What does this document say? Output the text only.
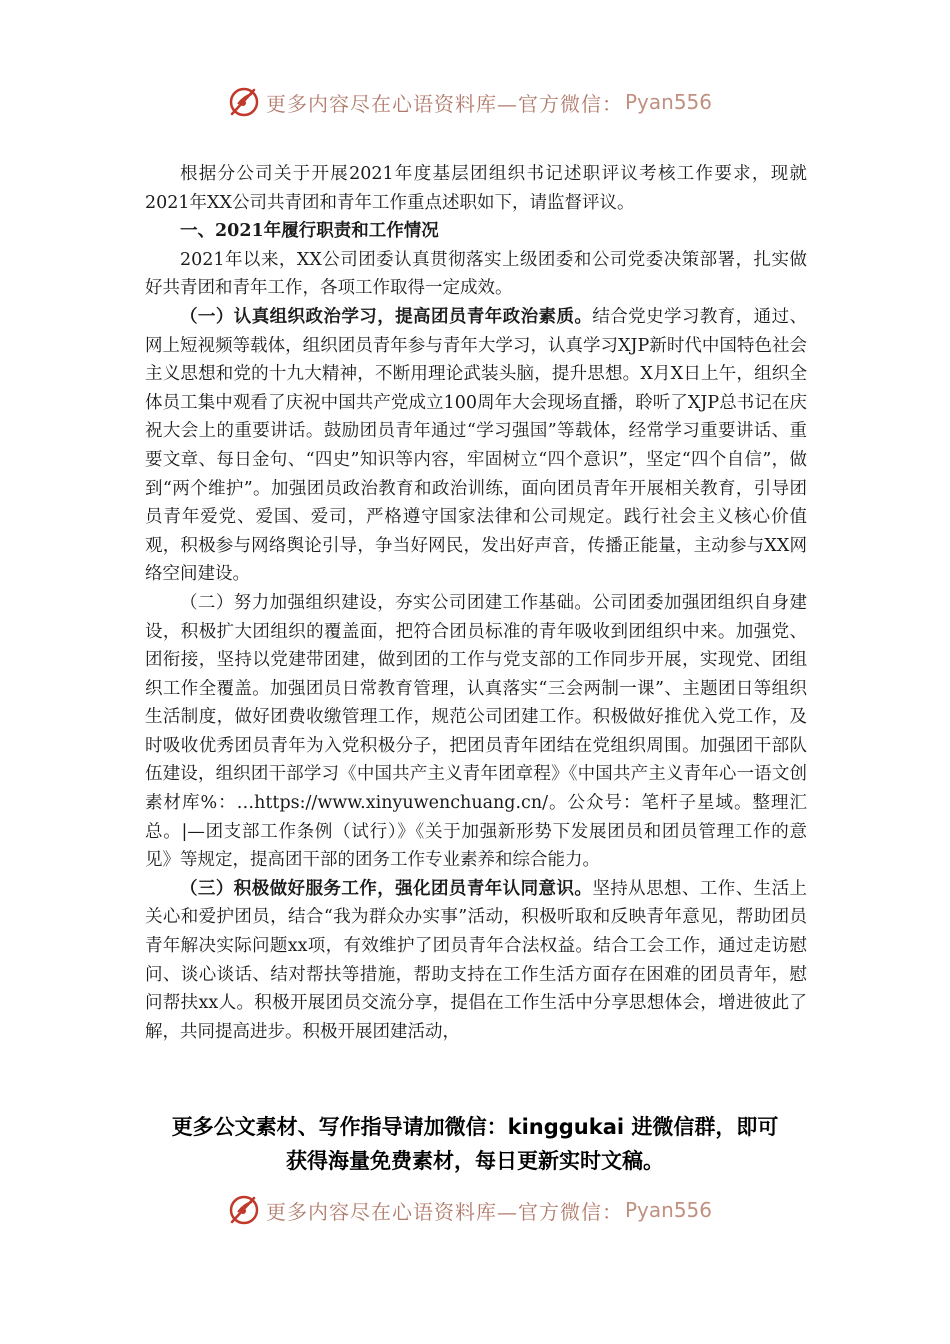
更多内容尽在心语资料库—官方微信： Pyan556

根据分公司关于开展2021年度基层团组织书记述职评议考核工作要求，现就2021年XX公司共青团和青年工作重点述职如下，请监督评议。

一、2021年履行职责和工作情况

2021年以来，XX公司团委认真贯彻落实上级团委和公司党委决策部署，扎实做好共青团和青年工作，各项工作取得一定成效。

（一）认真组织政治学习，提高团员青年政治素质。结合党史学习教育，通过、网上短视频等载体，组织团员青年参与青年大学习，认真学习XJP新时代中国特色社会主义思想和党的十九大精神，不断用理论武装头脑，提升思想。X月X日上午，组织全体员工集中观看了庆祝中国共产党成立100周年大会现场直播，聆听了XJP总书记在庆祝大会上的重要讲话。鼓励团员青年通过“学习强国”等载体，经常学习重要讲话、重要文章、每日金句、“四史”知识等内容，牢固树立“四个意识”，坚定“四个自信”，做到“两个维护”。加强团员政治教育和政治训练，面向团员青年开展相关教育，引导团员青年爱党、爱国、爱司，严格遵守国家法律和公司规定。践行社会主义核心价值观，积极参与网络舆论引导，争当好网民，发出好声音，传播正能量，主动参与XX网络空间建设。

（二）努力加强组织建设，夯实公司团建工作基础。公司团委加强团组织自身建设，积极扩大团组织的覆盖面，把符合团员标准的青年吸收到团组织中来。加强党、团衔接，坚持以党建带团建，做到团的工作与党支部的工作同步开展，实现党、团组织工作全覆盖。加强团员日常教育管理，认真落实“三会两制一课”、主题团日等组织生活制度，做好团费收缴管理工作，规范公司团建工作。积极做好推优入党工作，及时吸收优秀团员青年为入党积极分子，把团员青年团结在党组织周围。加强团干部队伍建设，组织团干部学习《中国共产主义青年团章程》《中国共产主义青年心一语文创素材库%：…https://www.xinyuwenchuang.cn/。公众号：笔杆子星域。整理汇总。|—团支部工作条例（试行）》《关于加强新形势下发展团员和团员管理工作的意见》等规定，提高团干部的团务工作专业素养和综合能力。

（三）积极做好服务工作，强化团员青年认同意识。坚持从思想、工作、生活上关心和爱护团员，结合“我为群众办实事”活动，积极听取和反映青年意见，帮助团员青年解决实际问题xx项，有效维护了团员青年合法权益。结合工会工作，通过走访慰问、谈心谈话、结对帮扶等措施，帮助支持在工作生活方面存在困难的团员青年，慰问帮扶xx人。积极开展团员交流分享，提倡在工作生活中分享思想体会，增进彼此了解，共同提高进步。积极开展团建活动，

更多公文素材、写作指导请加微信：kinggukai 进微信群，即可
获得海量免费素材，每日更新实时文稿。
更多内容尽在心语资料库—官方微信： Pyan556
